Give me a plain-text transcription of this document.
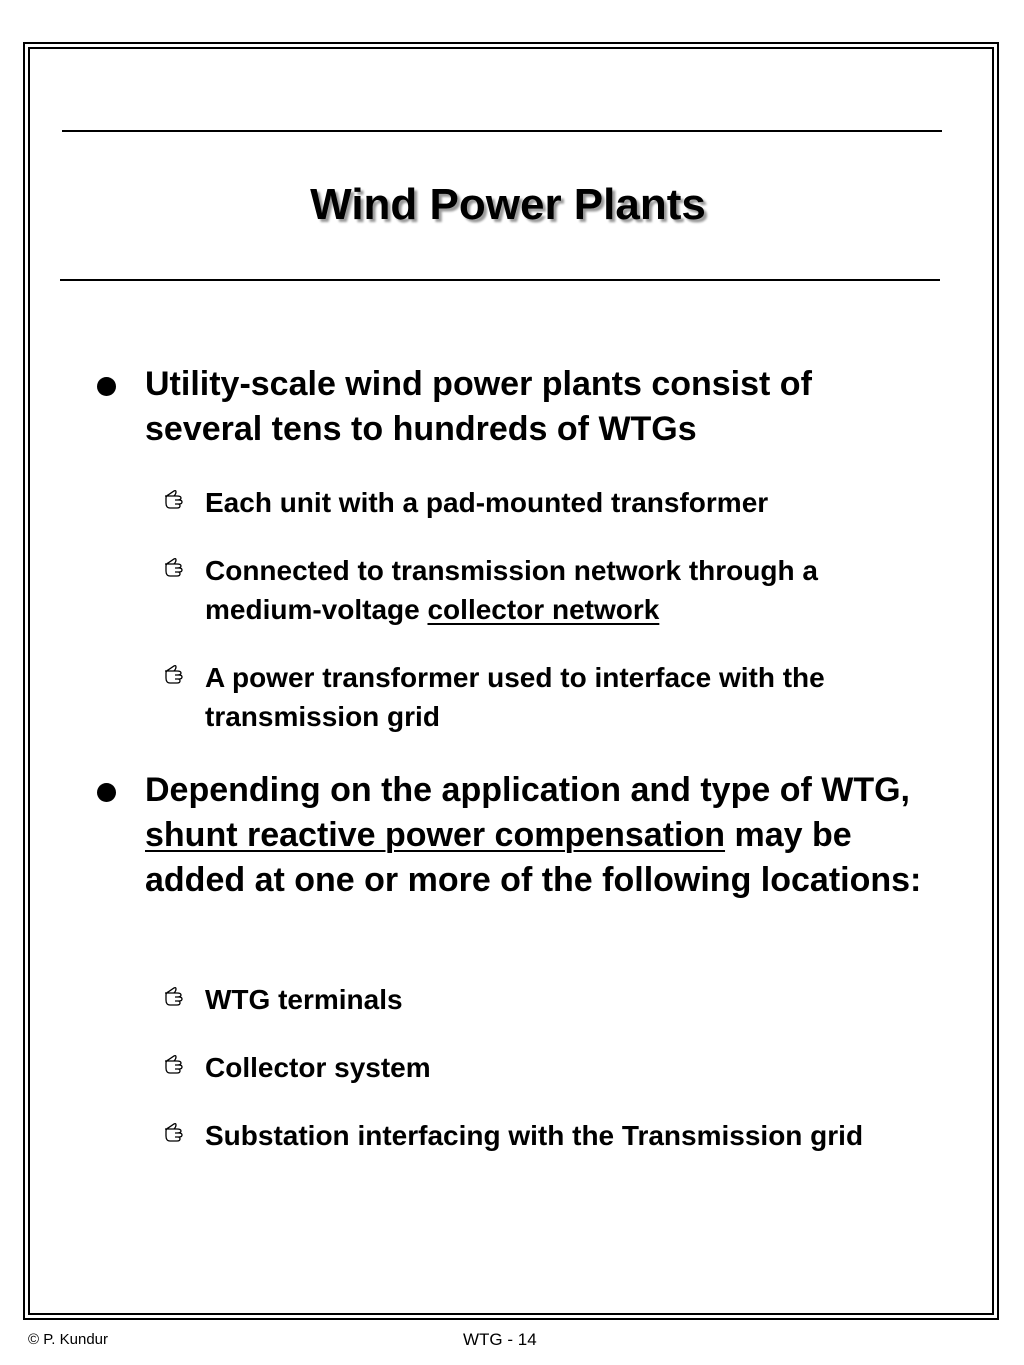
Wind Power Plants
Utility-scale wind power plants consist of several tens to hundreds of WTGs
Each unit with a pad-mounted transformer
Connected to transmission network through a medium-voltage collector network
A power transformer used to interface with the transmission grid
Depending on the application and type of WTG, shunt reactive power compensation may be added at one or more of the following locations:
WTG terminals
Collector system
Substation interfacing with the Transmission grid
© P. Kundur	WTG - 14
